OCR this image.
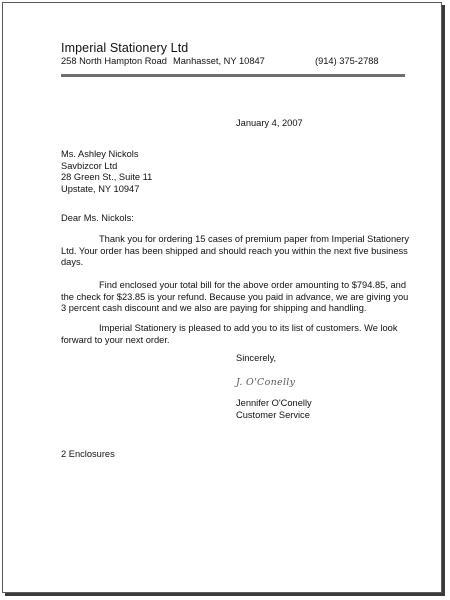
Imperial Stationery Ltd
258 North Hampton Road Manhasset, NY 10847	(914) 375-2788
January 4, 2007
Ms. Ashley Nickols
Savbizcor Ltd
28 Green St., Suite 11
Upstate, NY 10947
Dear Ms. Nickols:

Thank you for ordering 15 cases of premium paper from Imperial Stationery Ltd. Your order has been shipped and should reach you within the next five business days.

Find enclosed your total bill for the above order amounting to $794.85, and the check for $23.85 is your refund. Because you paid in advance, we are giving you 3 percent cash discount and we also are paying for shipping and handling.

Imperial Stationery is pleased to add you to its list of customers. We look forward to your next order.

Sincerely,
J. O'Conelly
Jennifer O'Conelly
Customer Service
2 Enclosures
